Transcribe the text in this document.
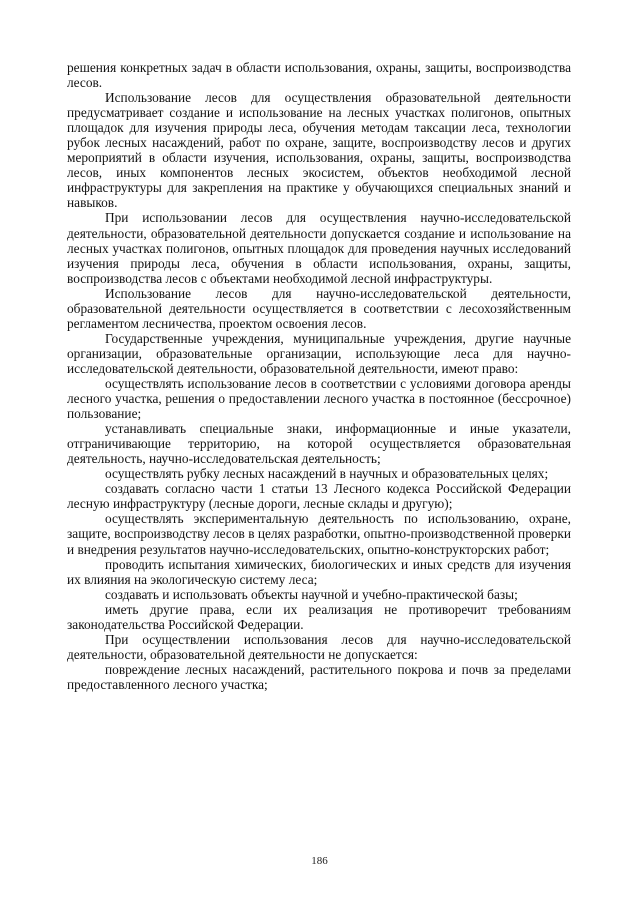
решения конкретных задач в области использования, охраны, защиты, воспроизводства лесов.

Использование лесов для осуществления образовательной деятельности предусматривает создание и использование на лесных участках полигонов, опытных площадок для изучения природы леса, обучения методам таксации леса, технологии рубок лесных насаждений, работ по охране, защите, воспроизводству лесов и других мероприятий в области изучения, использования, охраны, защиты, воспроизводства лесов, иных компонентов лесных экосистем, объектов необходимой лесной инфраструктуры для закрепления на практике у обучающихся специальных знаний и навыков.

При использовании лесов для осуществления научно-исследовательской деятельности, образовательной деятельности допускается создание и использование на лесных участках полигонов, опытных площадок для проведения научных исследований изучения природы леса, обучения в области использования, охраны, защиты, воспроизводства лесов с объектами необходимой лесной инфраструктуры.

Использование лесов для научно-исследовательской деятельности, образовательной деятельности осуществляется в соответствии с лесохозяйственным регламентом лесничества, проектом освоения лесов.

Государственные учреждения, муниципальные учреждения, другие научные организации, образовательные организации, использующие леса для научно-исследовательской деятельности, образовательной деятельности, имеют право:

осуществлять использование лесов в соответствии с условиями договора аренды лесного участка, решения о предоставлении лесного участка в постоянное (бессрочное) пользование;

устанавливать специальные знаки, информационные и иные указатели, отграничивающие территорию, на которой осуществляется образовательная деятельность, научно-исследовательская деятельность;

осуществлять рубку лесных насаждений в научных и образовательных целях;

создавать согласно части 1 статьи 13 Лесного кодекса Российской Федерации лесную инфраструктуру (лесные дороги, лесные склады и другую);

осуществлять экспериментальную деятельность по использованию, охране, защите, воспроизводству лесов в целях разработки, опытно-производственной проверки и внедрения результатов научно-исследовательских, опытно-конструкторских работ;

проводить испытания химических, биологических и иных средств для изучения их влияния на экологическую систему леса;

создавать и использовать объекты научной и учебно-практической базы;

иметь другие права, если их реализация не противоречит требованиям законодательства Российской Федерации.

При осуществлении использования лесов для научно-исследовательской деятельности, образовательной деятельности не допускается:

повреждение лесных насаждений, растительного покрова и почв за пределами предоставленного лесного участка;

186
